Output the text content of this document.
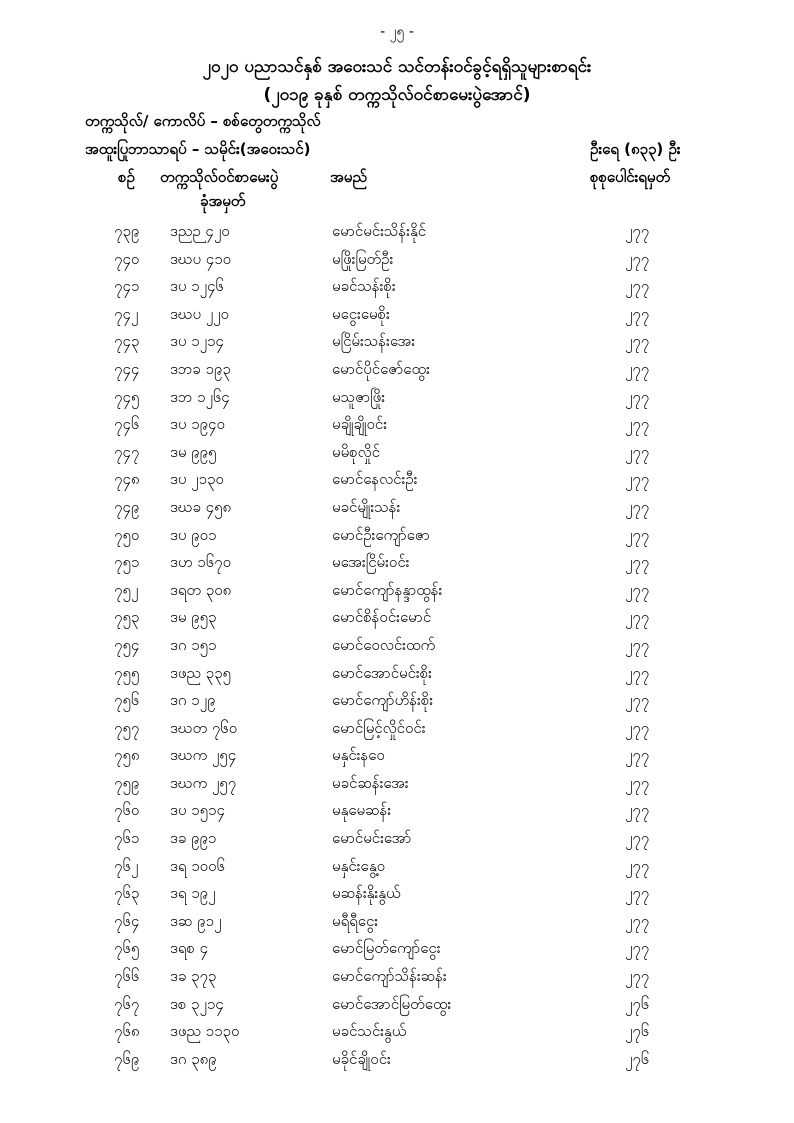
- ၂၅ -
၂၀၂၀ ပညာသင်နှစ် အဝေးသင် သင်တန်းဝင်ခွင့်ရရှိသူများစာရင်း
(၂၀၁၉ ခုနှစ် တက္ကသိုလ်ဝင်စာမေးပွဲအောင်)
တက္ကသိုလ်/ ကောလိပ် – စစ်တွေတက္ကသိုလ်
အထူးပြုဘာသာရပ် – သမိုင်း(အဝေးသင်)	ဦးရေ (၈၃၃) ဦး
စဉ် တက္ကသိုလ်ဝင်စာမေးပွဲ
ခုံအမှတ်
အမည်	စုစုပေါင်းရမှတ်
၇၃၉ ဒညဉ ၄၂၀	မောင်မင်းသိန်းနိုင်	၂၇၇
၇၄၀ ဒဃပ ၄၁၀	မဖြိုးမြတ်ဦး	၂၇၇
၇၄၁ ဒပ ၁၂၄၆	မခင်သန်းစိုး	၂၇၇
၇၄၂ ဒဃပ ၂၂၀	မငွေးမေစိုး	၂၇၇
၇၄၃ ဒပ ၁၂၁၄	မငြိမ်းသန်းအေး	၂၇၇
၇၄၄ ဒဘခ ၁၉၃	မောင်ပိုင်ဇော်ထွေး	၂၇၇
၇၄၅ ဒဘ ၁၂၆၄	မသူဇာဖြိုး	၂၇၇
၇၄၆ ဒပ ၁၉၄၀	မချိုချိုဝင်း	၂၇၇
၇၄၇ ဒမ ၉၉၅	မမိစုလှိုင်	၂၇၇
၇၄၈ ဒပ ၂၁၃၀	မောင်နေလင်းဦး	၂၇၇
၇၄၉ ဒဃခ ၄၅၈	မခင်မျိုးသန်း	၂၇၇
၇၅၀ ဒပ ၉၀၁	မောင်ဦးကျော်ဇော	၂၇၇
၇၅၁ ဒဟ ၁၆၇၀	မအေးငြိမ်းဝင်း	၂၇၇
၇၅၂ ဒရတ ၃၀၈	မောင်ကျော်နန္ဒာထွန်း	၂၇၇
၇၅၃ ဒမ ၉၅၃	မောင်စိန်ဝင်းမောင်	၂၇၇
၇၅၄ ဒဂ ၁၅၁	မောင်ဝေလင်းထက်	၂၇၇
၇၅၅ ဒဖည ၃၃၅	မောင်အောင်မင်းစိုး	၂၇၇
၇၅၆ ဒဂ ၁၂၉	မောင်ကျော်ဟိန်းစိုး	၂၇၇
၇၅၇ ဒဃတ ၇၆၀	မောင်မြင့်လှိုင်ဝင်း	၂၇၇
၇၅၈ ဒဃက ၂၅၄	မနှင်းနဝေ	၂၇၇
၇၅၉ ဒဃက ၂၅၇	မခင်ဆန်းအေး	၂၇၇
၇၆၀ ဒပ ၁၅၁၄	မနုမေဆန်း	၂၇၇
၇၆၁ ဒခ ၉၉၁	မောင်မင်းအော်	၂၇၇
၇၆၂ ဒရ ၁၀၀၆	မနှင်းနွေ့ဝ	၂၇၇
၇၆၃ ဒရ ၁၉၂	မဆန်းနိုးနွယ်	၂၇၇
၇၆၄ ဒဆ ၉၁၂	မရီရီငွေး	၂၇၇
၇၆၅ ဒရစ ၄	မောင်မြတ်ကျော်ငွေး	၂၇၇
၇၆၆ ဒခ ၃၇၃	မောင်ကျော်သိန်းဆန်း	၂၇၇
၇၆၇ ဒစ ၃၂၁၄	မောင်အောင်မြတ်ထွေး	၂၇၆
၇၆၈ ဒဖည ၁၁၃၀	မခင်သင်းနွယ်	၂၇၆
၇၆၉ ဒဂ ၃၈၉	မခိုင်ချိုဝင်း	၂၇၆
